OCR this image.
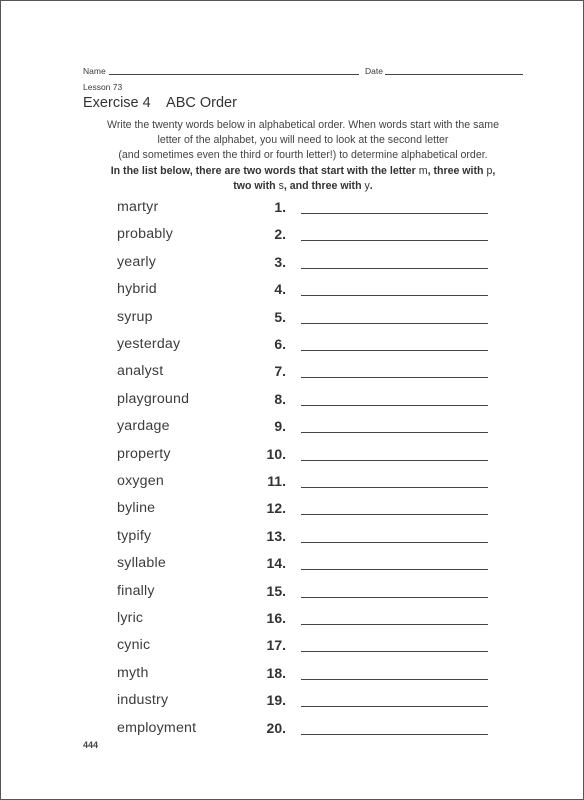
Name	Date
Lesson 73
Exercise 4 ABC Order

Write the twenty words below in alphabetical order. When words start with the same

letter of the alphabet, you will need to look at the second letter

(and sometimes even the third or fourth letter!) to determine alphabetical order.

In the list below, there are two words that start with the letter m, three with p,

two with s, and three with y.

martyr	1.
probably	2.
yearly	3.
hybrid	4.
syrup	5.
yesterday	6.
analyst	7.
playground	8.
yardage	9.
property	10.
oxygen	11.
byline	12.
typify	13.
syllable	14.
finally	15.
lyric	16.
cynic	17.
myth	18.
industry	19.
employment	20.
444
